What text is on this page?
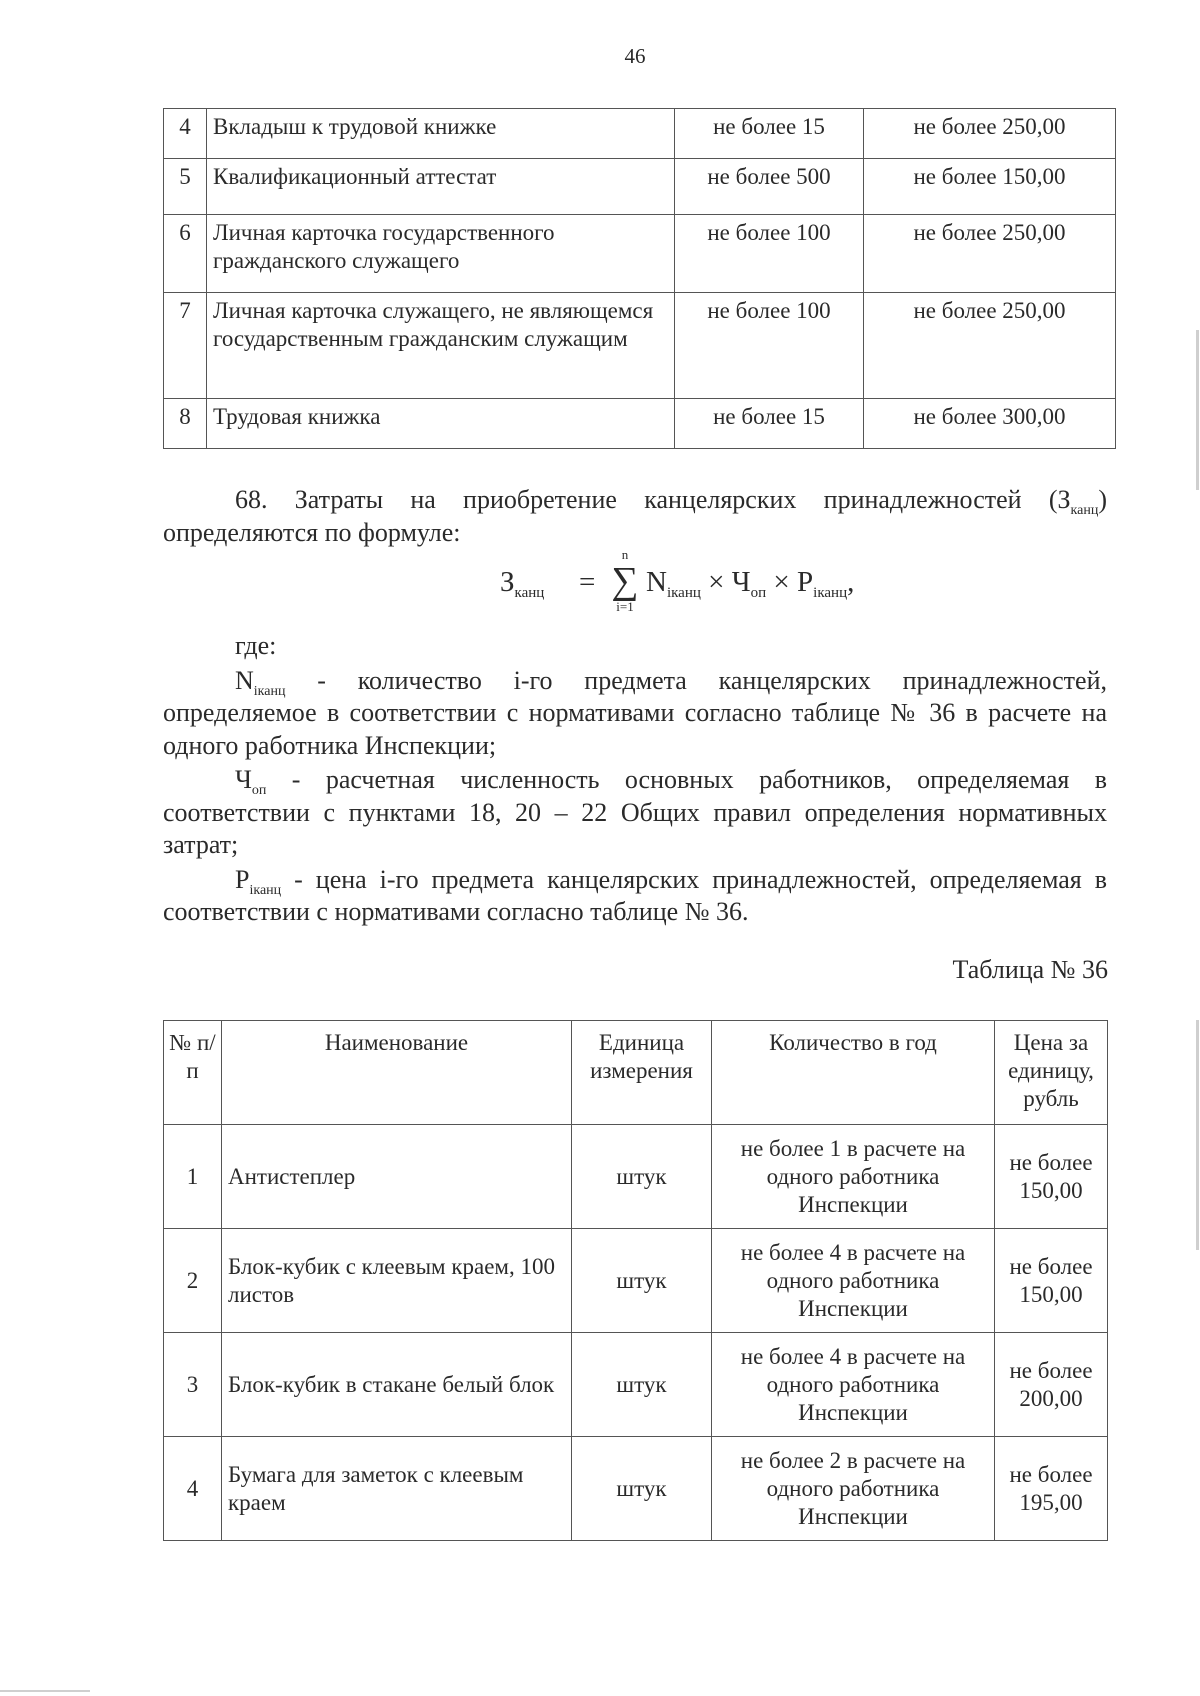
46
4	Вкладыш к трудовой книжке	не более 15	не более 250,00
5	Квалификационный аттестат	не более 500	не более 150,00
6	Личная карточка государственного гражданского служащего	не более 100	не более 250,00
7	Личная карточка служащего, не являющемся государственным гражданским служащим	не более 100	не более 250,00
8	Трудовая книжка	не более 15	не более 300,00
68. Затраты на приобретение канцелярских принадлежностей $(З_{канц})$
определяются по формуле:
$З_{канц}$ =
n
∑
i=1
$N_{iканц} \times Ч_{оп} \times P_{iканц}$,
где:
$N_{iканц}$ - количество i-го предмета канцелярских принадлежностей, определяемое в соответствии с нормативами согласно таблице № 36 в расчете на одного работника Инспекции;
$Ч_{оп}$ - расчетная численность основных работников, определяемая в соответствии с пунктами 18, 20 – 22 Общих правил определения нормативных затрат;
$P_{iканц}$ - цена i-го предмета канцелярских принадлежностей, определяемая в соответствии с нормативами согласно таблице № 36.
Таблица № 36
№ п/п	Наименование	Единица измерения	Количество в год	Цена за единицу, рубль
1	Антистеплер	штук	не более 1 в расчете на одного работника Инспекции	не более 150,00
2	Блок-кубик с клеевым краем, 100 листов	штук	не более 4 в расчете на одного работника Инспекции	не более 150,00
3	Блок-кубик в стакане белый блок	штук	не более 4 в расчете на одного работника Инспекции	не более 200,00
4	Бумага для заметок с клеевым краем	штук	не более 2 в расчете на одного работника Инспекции	не более 195,00
